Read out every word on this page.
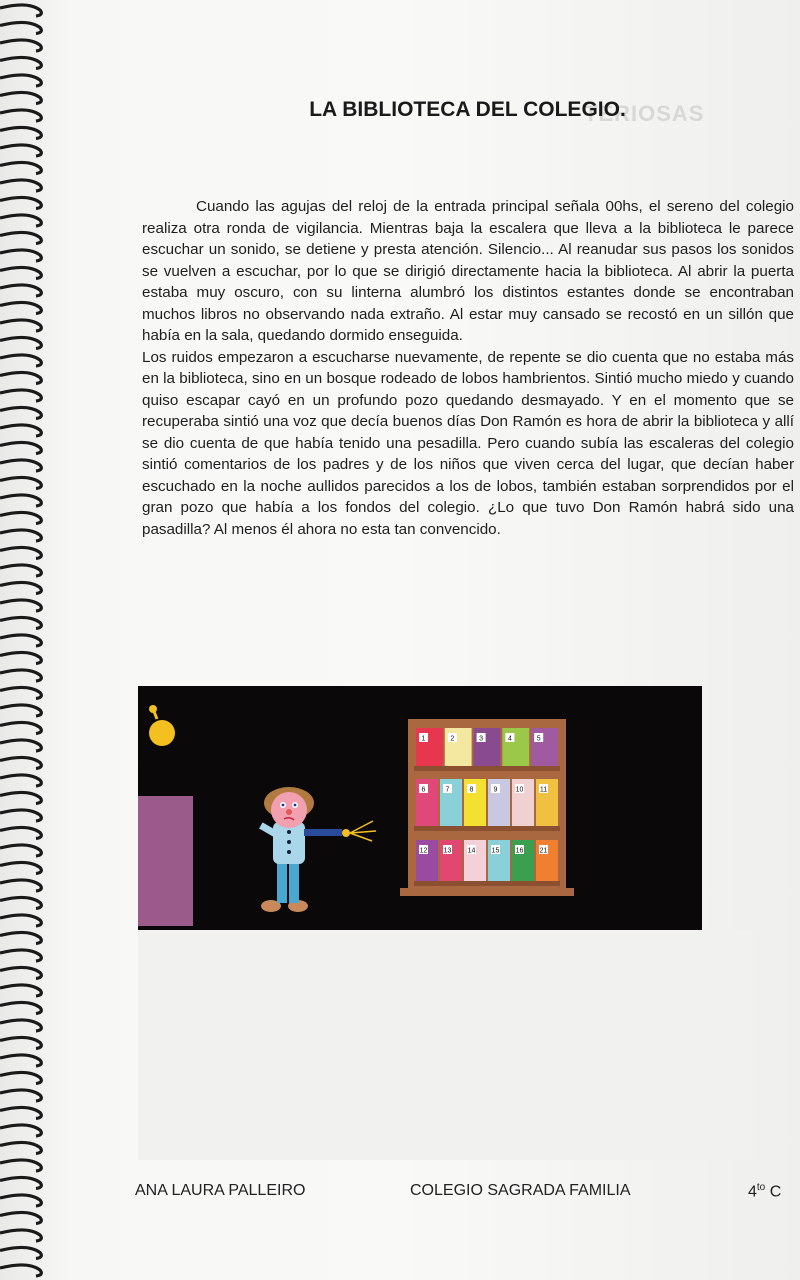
TERIOSAS
LA BIBLIOTECA DEL COLEGIO.

Cuando las agujas del reloj de la entrada principal señala 00hs, el sereno del colegio realiza otra ronda de vigilancia. Mientras baja la escalera que lleva a la biblioteca le parece escuchar un sonido, se detiene y presta atención. Silencio... Al reanudar sus pasos los sonidos se vuelven a escuchar, por lo que se dirigió directamente hacia la biblioteca. Al abrir la puerta estaba muy oscuro, con su linterna alumbró los distintos estantes donde se encontraban muchos libros no observando nada extraño. Al estar muy cansado se recostó en un sillón que había en la sala, quedando dormido enseguida.

Los ruidos empezaron a escucharse nuevamente, de repente se dio cuenta que no estaba más en la biblioteca, sino en un bosque rodeado de lobos hambrientos. Sintió mucho miedo y cuando quiso escapar cayó en un profundo pozo quedando desmayado. Y en el momento que se recuperaba sintió una voz que decía buenos días Don Ramón es hora de abrir la biblioteca y allí se dio cuenta de que había tenido una pesadilla. Pero cuando subía las escaleras del colegio sintió comentarios de los padres y de los niños que viven cerca del lugar, que decían haber escuchado en la noche aullidos parecidos a los de lobos, también estaban sorprendidos por el gran pozo que había a los fondos del colegio. ¿Lo que tuvo Don Ramón habrá sido una pasadilla? Al menos él ahora no esta tan convencido.

1	2	3	4	5
6	7	8	9	10 11
12 13 14 15 16 21
ANA LAURA PALLEIRO	COLEGIO SAGRADA FAMILIA	$4^{to}$ C
